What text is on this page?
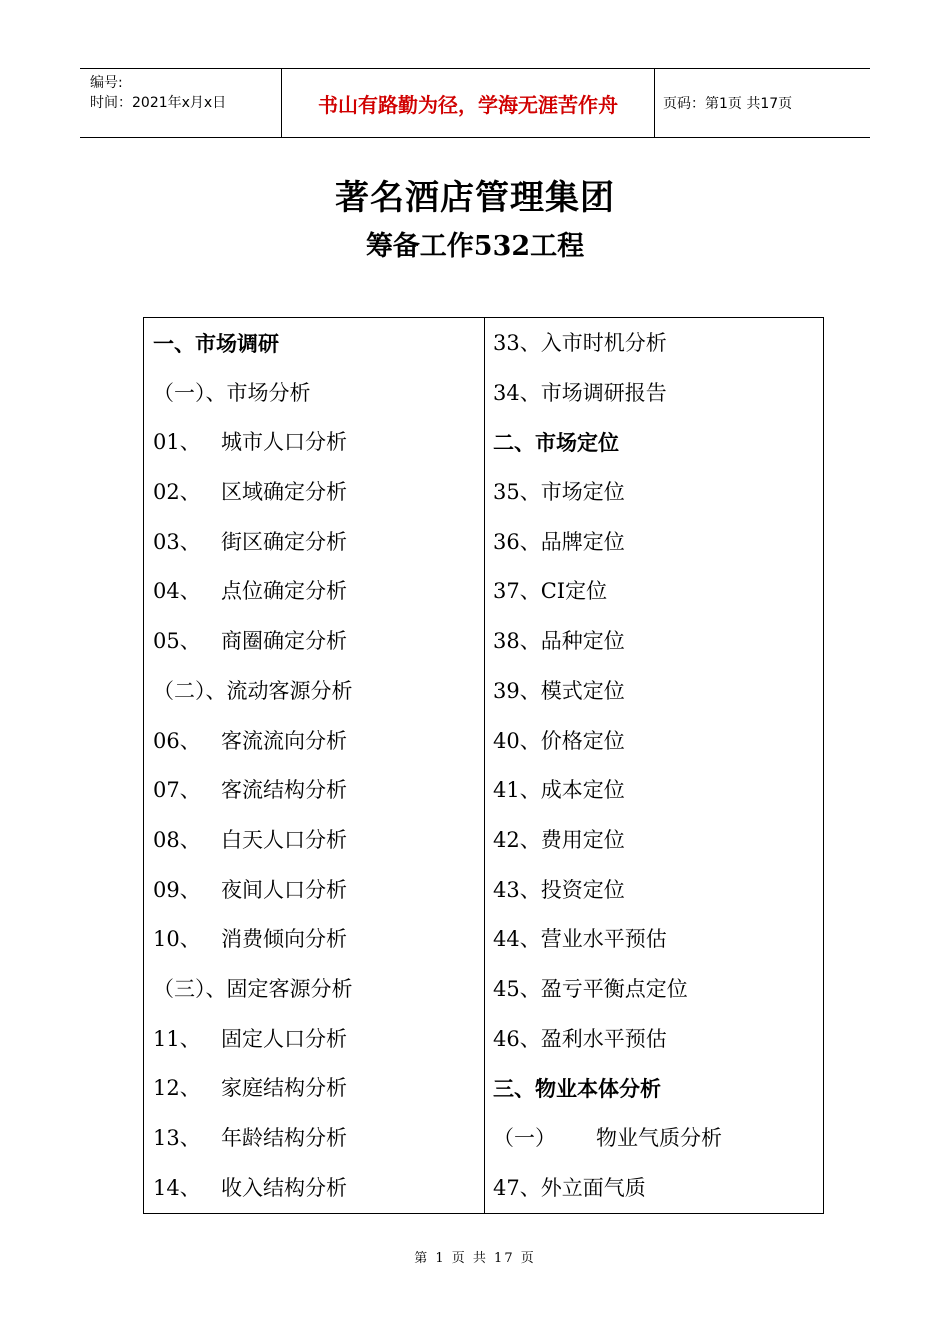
编号:
时间：2021年x月x日	书山有路勤为径，学海无涯苦作舟	页码：第1页 共17页
著名酒店管理集团
筹备工作532工程
一、市场调研
（一）、市场分析
01、 城市人口分析
02、 区域确定分析
03、 街区确定分析
04、 点位确定分析
05、 商圈确定分析
（二）、流动客源分析
06、 客流流向分析
07、 客流结构分析
08、 白天人口分析
09、 夜间人口分析
10、 消费倾向分析
（三）、固定客源分析
11、 固定人口分析
12、 家庭结构分析
13、 年龄结构分析
14、 收入结构分析
33、入市时机分析
34、市场调研报告
二、市场定位
35、市场定位
36、品牌定位
37、CI定位
38、品种定位
39、模式定位
40、价格定位
41、成本定位
42、费用定位
43、投资定位
44、营业水平预估
45、盈亏平衡点定位
46、盈利水平预估
三、物业本体分析
（一） 物业气质分析
47、外立面气质
第 1 页 共 17 页
